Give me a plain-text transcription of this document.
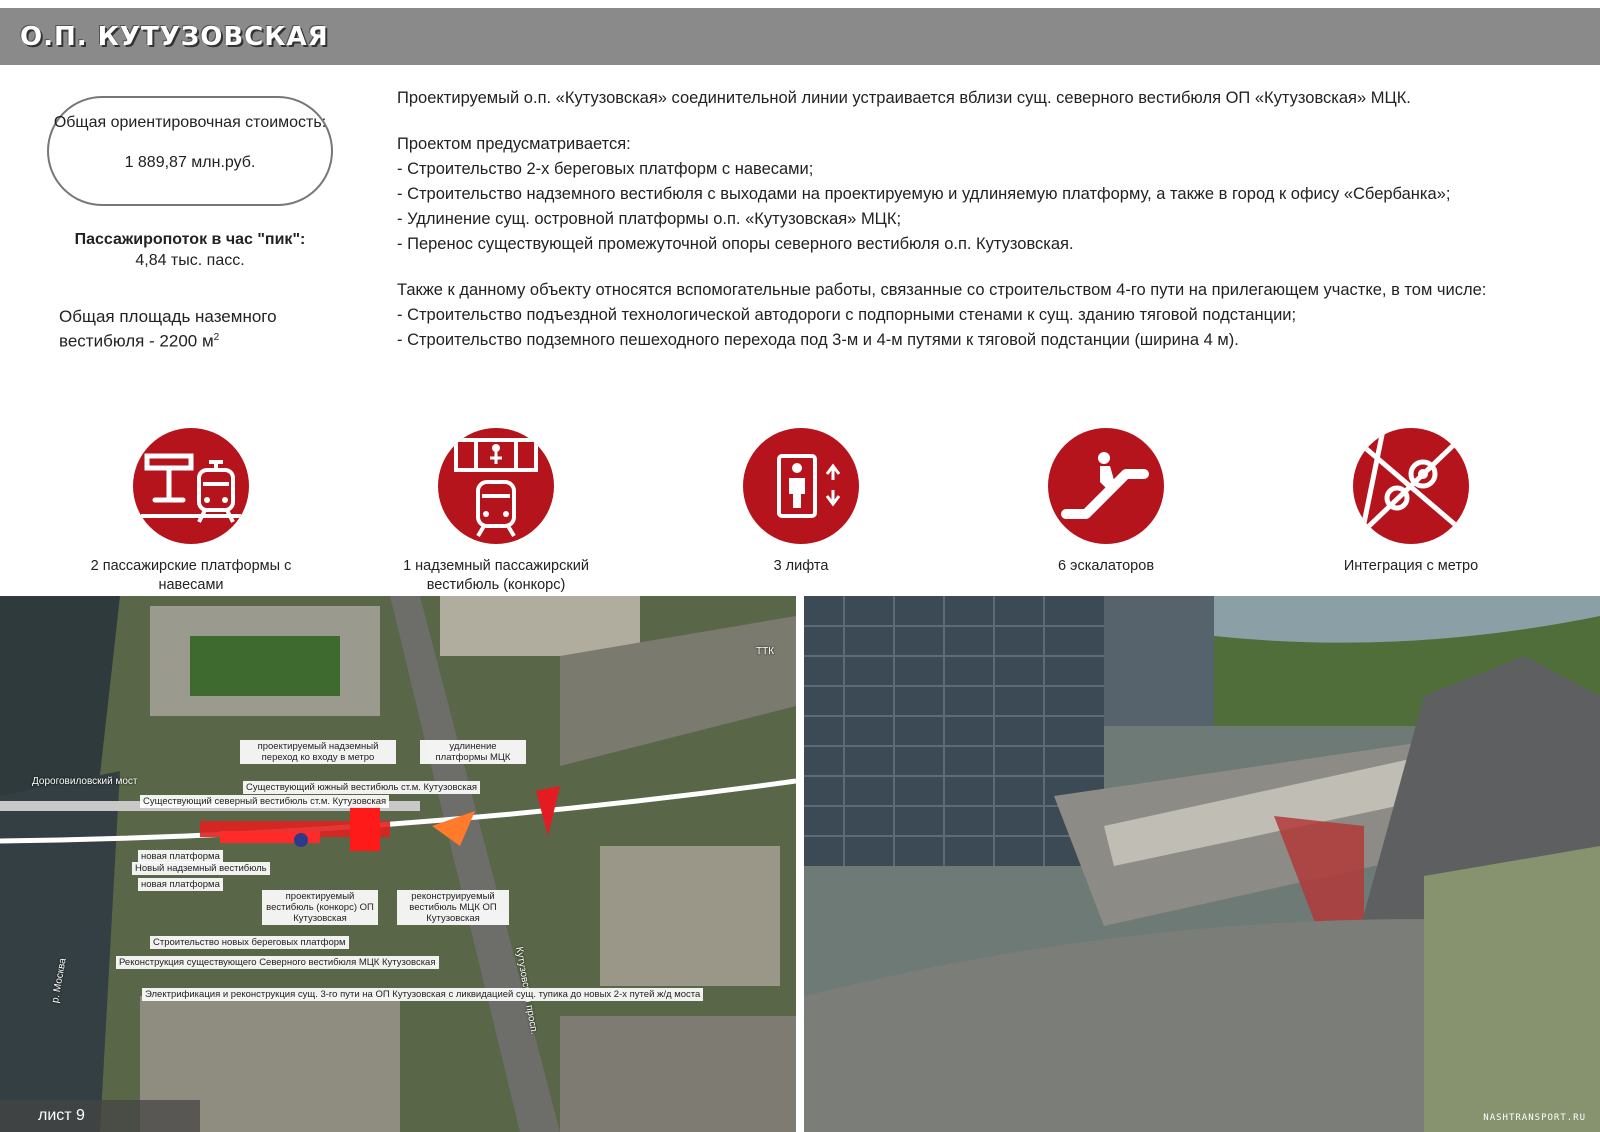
О.П. КУТУЗОВСКАЯ
Общая ориентировочная стоимость:
1 889,87 млн.руб.
Пассажиропоток в час "пик":
4,84 тыс. пасс.
Общая площадь наземного вестибюля - 2200 $м^2$

Проектируемый о.п. «Кутузовская» соединительной линии устраивается вблизи сущ. северного вестибюля ОП «Кутузовская» МЦК.

Проектом предусматривается:

- Строительство 2-х береговых платформ с навесами;

- Строительство надземного вестибюля с выходами на проектируемую и удлиняемую платформу, а также в город к офису «Сбербанка»;

- Удлинение сущ. островной платформы о.п. «Кутузовская» МЦК;

- Перенос существующей промежуточной опоры северного вестибюля о.п. Кутузовская.

Также к данному объекту относятся вспомогательные работы, связанные со строительством 4-го пути на прилегающем участке, в том числе:

- Строительство подъездной технологической автодороги с подпорными стенами к сущ. зданию тяговой подстанции;

- Строительство подземного пешеходного перехода под 3-м и 4-м путями к тяговой подстанции (ширина 4 м).

2 пассажирские платформы с навесами
1 надземный пассажирский вестибюль (конкорс)
3 лифта	6 эскалаторов	Интеграция с метро
ТТК
Дороговиловский мост
р. Москва
проектируемый надземный переход ко входу в метро
удлинение платформы МЦК
Существующий южный вестибюль ст.м. Кутузовская
Существующий северный вестибюль ст.м. Кутузовская
новая платформа
Новый надземный вестибюль
новая платформа
проектируемый вестибюль (конкорс) ОП Кутузовская
реконструируемый вестибюль МЦК ОП Кутузовская
Строительство новых береговых платформ
Реконструкция существующего Северного вестибюля МЦК Кутузовская
Электрификация и реконструкция сущ. 3-го пути на ОП Кутузовская с ликвидацией сущ. тупика до новых 2-х путей ж/д моста
лист 9	NASHTRANSPORT.RU
